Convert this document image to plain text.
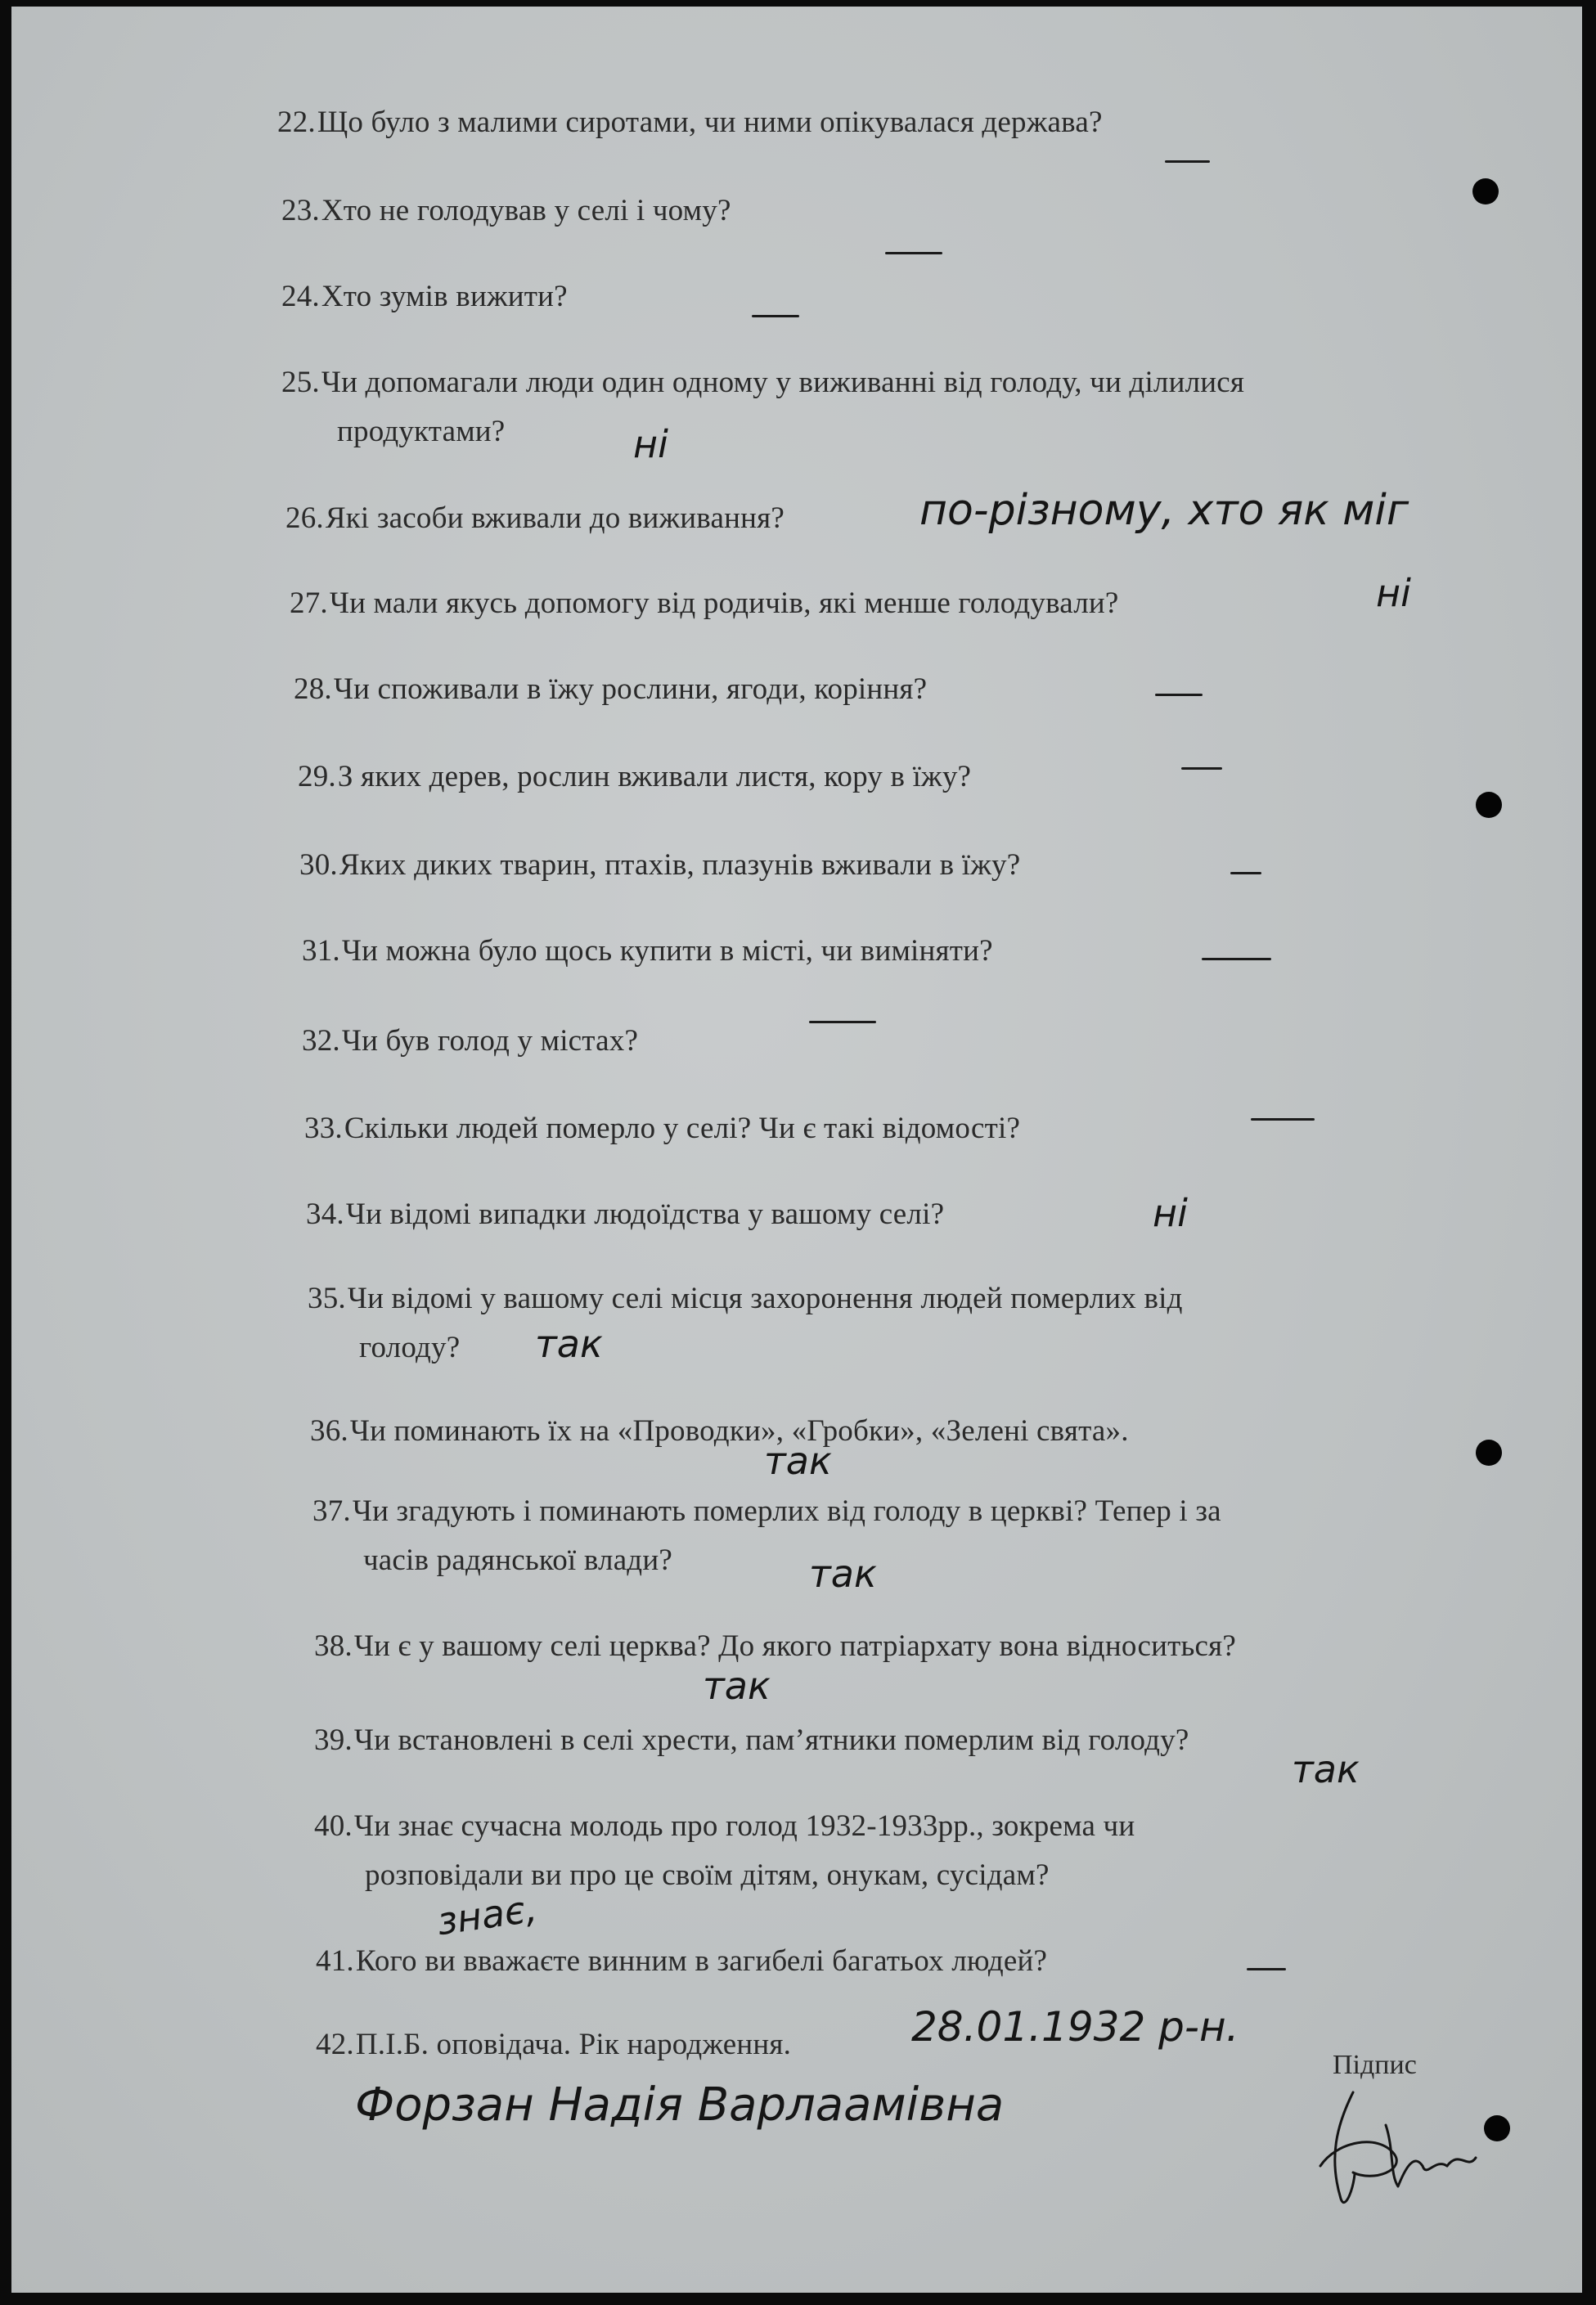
22.Що було з малими сиротами, чи ними опікувалася держава?
23.Хто не голодував у селі і чому?
24.Хто зумів вижити?
25.Чи допомагали люди один одному у виживанні від голоду, чи ділилися
продуктами?	ні
26.Які засоби вживали до виживання?	по-різному, хто як міг
27.Чи мали якусь допомогу від родичів, які менше голодували?	ні
28.Чи споживали в їжу рослини, ягоди, коріння?
29.З яких дерев, рослин вживали листя, кору в їжу?
30.Яких диких тварин, птахів, плазунів вживали в їжу?
31.Чи можна було щось купити в місті, чи виміняти?
32.Чи був голод у містах?
33.Скільки людей померло у селі? Чи є такі відомості?
34.Чи відомі випадки людоїдства у вашому селі?	ні
35.Чи відомі у вашому селі місця захоронення людей померлих від
голоду? так
36.Чи поминають їх на «Проводки», «Гробки», «Зелені свята».
так
37.Чи згадують і поминають померлих від голоду в церкві? Тепер і за
часів радянської влади?	так
38.Чи є у вашому селі церква? До якого патріархату вона відноситься?
так
39.Чи встановлені в селі хрести, пам’ятники померлим від голоду?
так
40.Чи знає сучасна молодь про голод 1932-1933рр., зокрема чи
розповідали ви про це своїм дітям, онукам, сусідам?
знає,
41.Кого ви вважаєте винним в загибелі багатьох людей?
42.П.І.Б. оповідача. Рік народження.	28.01.1932 р-н.
Форзан Надія Варлаамівна
Підпис
